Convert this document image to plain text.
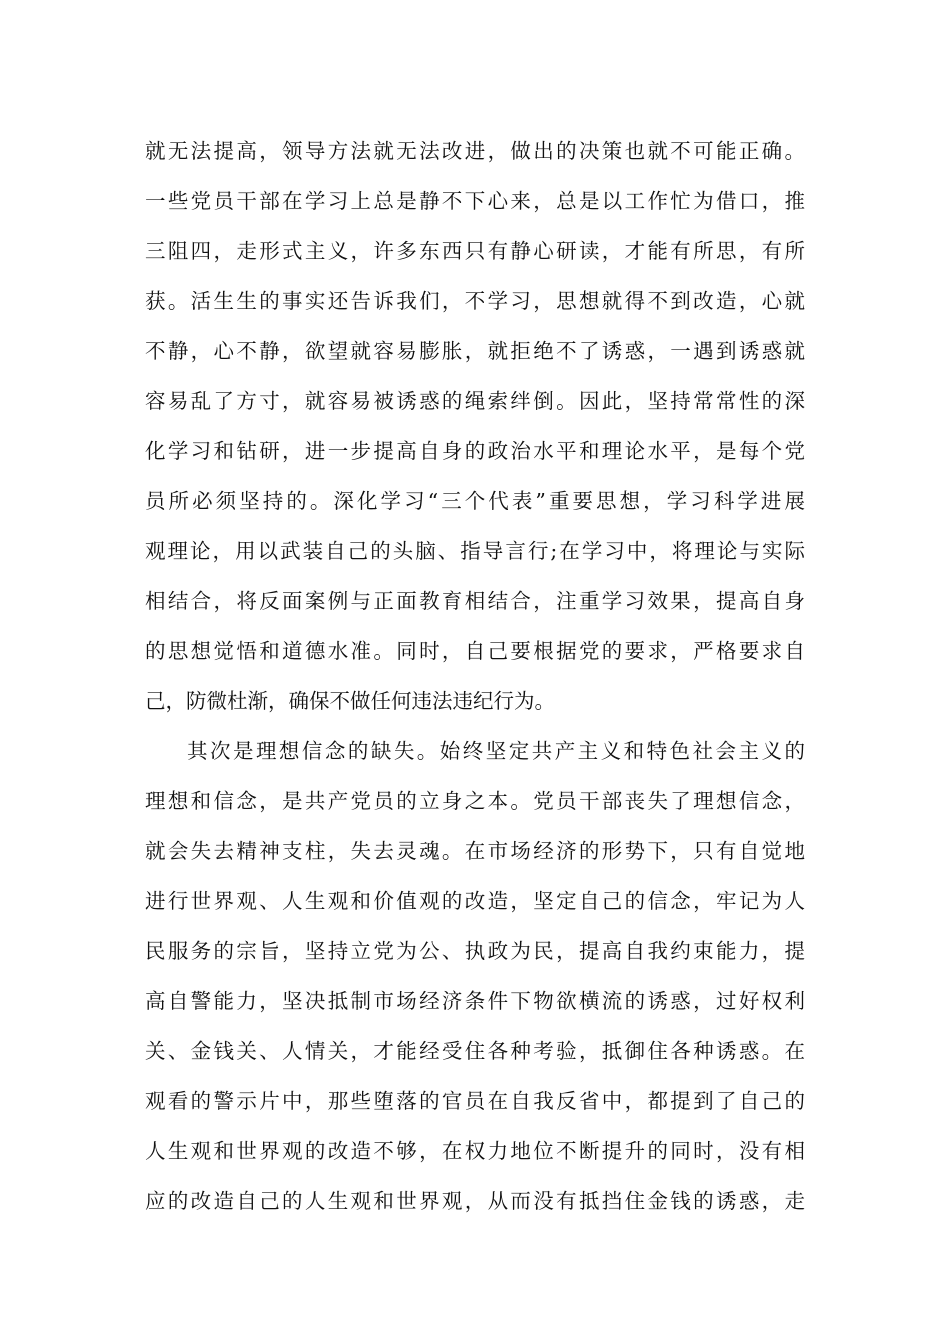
就无法提高，领导方法就无法改进，做出的决策也就不可能正确。
一些党员干部在学习上总是静不下心来，总是以工作忙为借口，推
三阻四，走形式主义，许多东西只有静心研读，才能有所思，有所
获。活生生的事实还告诉我们，不学习，思想就得不到改造，心就
不静，心不静，欲望就容易膨胀，就拒绝不了诱惑，一遇到诱惑就
容易乱了方寸，就容易被诱惑的绳索绊倒。因此，坚持常常性的深
化学习和钻研，进一步提高自身的政治水平和理论水平，是每个党
员所必须坚持的。深化学习“三个代表”重要思想，学习科学进展
观理论，用以武装自己的头脑、指导言行;在学习中，将理论与实际
相结合，将反面案例与正面教育相结合，注重学习效果，提高自身
的思想觉悟和道德水准。同时，自己要根据党的要求，严格要求自
己，防微杜渐，确保不做任何违法违纪行为。
其次是理想信念的缺失。始终坚定共产主义和特色社会主义的
理想和信念，是共产党员的立身之本。党员干部丧失了理想信念，
就会失去精神支柱，失去灵魂。在市场经济的形势下，只有自觉地
进行世界观、人生观和价值观的改造，坚定自己的信念，牢记为人
民服务的宗旨，坚持立党为公、执政为民，提高自我约束能力，提
高自警能力，坚决抵制市场经济条件下物欲横流的诱惑，过好权利
关、金钱关、人情关，才能经受住各种考验，抵御住各种诱惑。在
观看的警示片中，那些堕落的官员在自我反省中，都提到了自己的
人生观和世界观的改造不够，在权力地位不断提升的同时，没有相
应的改造自己的人生观和世界观，从而没有抵挡住金钱的诱惑，走
